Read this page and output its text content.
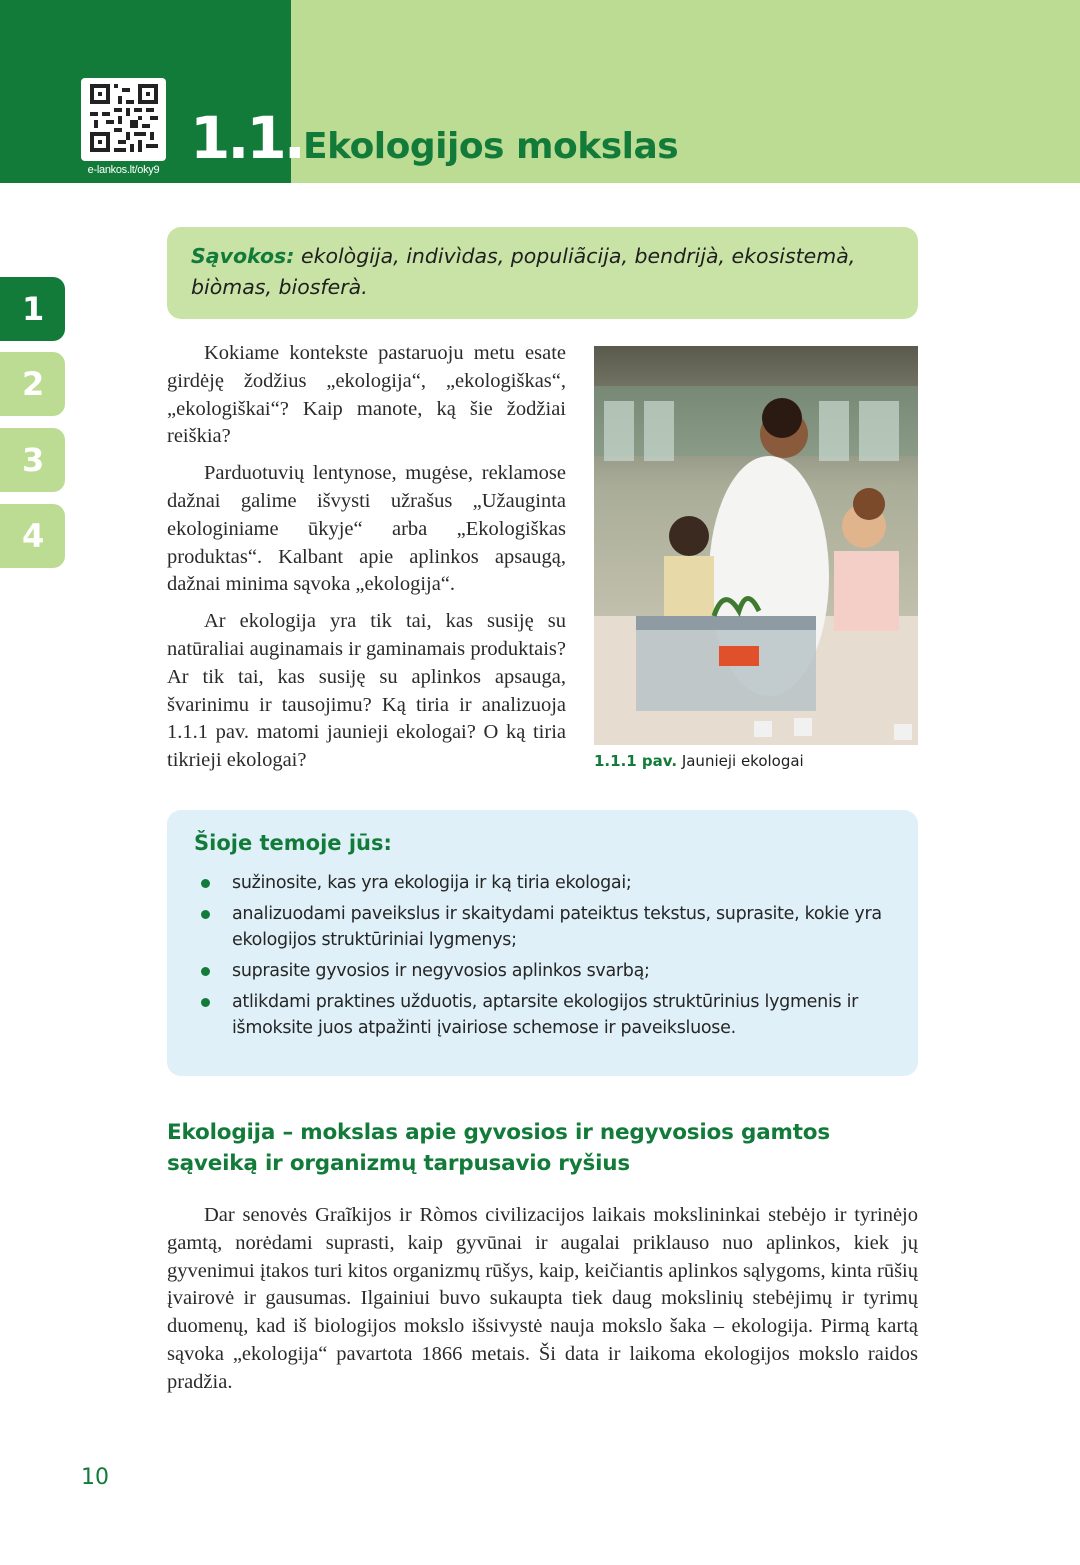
e-lankos.lt/oky9 1.1. Ekologijos mokslas
1
2
3
4
Sąvokos: ekològija, indivìdas, populiãcija, bendrijà, ekosistemà, biòmas, biosferà.

Kokiame kontekste pastaruoju metu esate girdėję žodžius „ekologija“, „ekologiškas“, „ekologiškai“? Kaip manote, ką šie žodžiai reiškia?

Parduotuvių lentynose, mugėse, reklamose dažnai galime išvysti užrašus „Užauginta ekologiniame ūkyje“ arba „Ekologiškas produktas“. Kalbant apie aplinkos apsaugą, dažnai minima sąvoka „ekologija“.

Ar ekologija yra tik tai, kas susiję su natūraliai auginamais ir gaminamais produktais? Ar tik tai, kas susiję su aplinkos apsauga, švarinimu ir tausojimu? Ką tiria ir analizuoja 1.1.1 pav. matomi jaunieji ekologai? O ką tiria tikrieji ekologai?	1.1.1 pav. Jaunieji ekologai
Šioje temoje jūs:
sužinosite, kas yra ekologija ir ką tiria ekologai;
analizuodami paveikslus ir skaitydami pateiktus tekstus, suprasite, kokie yra ekologijos struktūriniai lygmenys;
suprasite gyvosios ir negyvosios aplinkos svarbą;
atlikdami praktines užduotis, aptarsite ekologijos struktūrinius lygmenis ir išmoksite juos atpažinti įvairiose schemose ir paveiksluose.
Ekologija – mokslas apie gyvosios ir negyvosios gamtos sąveiką ir organizmų tarpusavio ryšius

Dar senovės Graĩkijos ir Ròmos civilizacijos laikais mokslininkai stebėjo ir tyrinėjo gamtą, norėdami suprasti, kaip gyvūnai ir augalai priklauso nuo aplinkos, kiek jų gyvenimui įtakos turi kitos organizmų rūšys, kaip, keičiantis aplinkos sąlygoms, kinta rūšių įvairovė ir gausumas. Ilgainiui buvo sukaupta tiek daug mokslinių stebėjimų ir tyrimų duomenų, kad iš biologijos mokslo išsivystė nauja mokslo šaka – ekologija. Pirmą kartą sąvoka „ekologija“ pavartota 1866 metais. Ši data ir laikoma ekologijos mokslo raidos pradžia.

10
